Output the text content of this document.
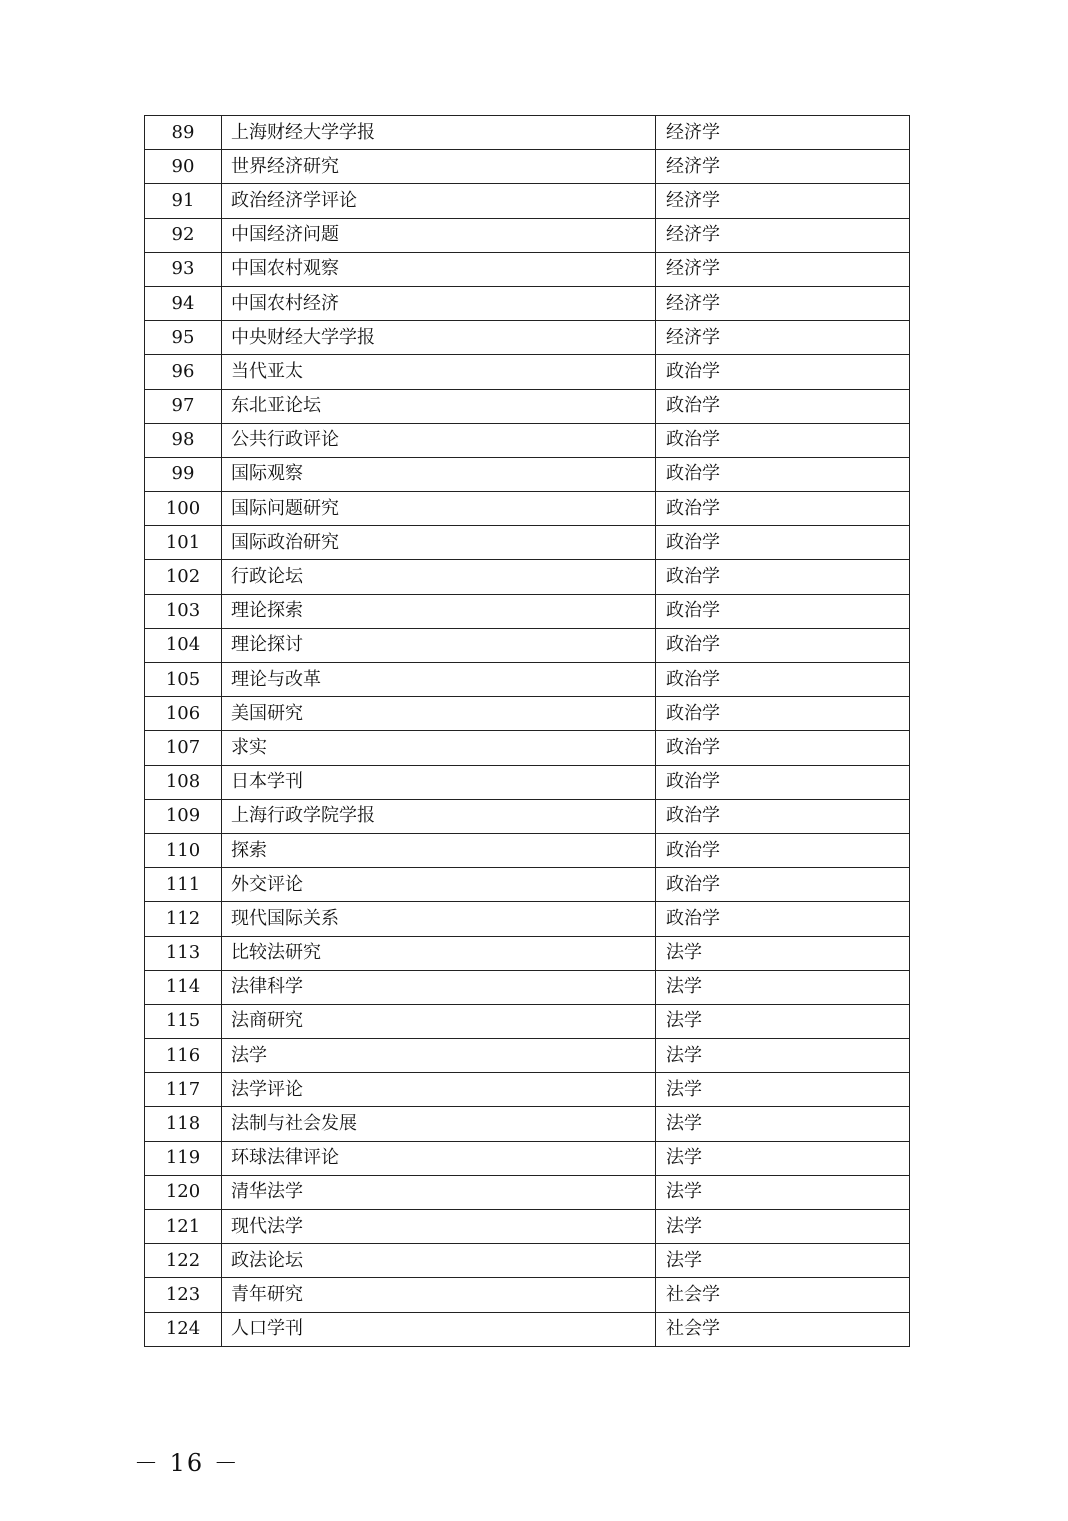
89	上海财经大学学报	经济学
90	世界经济研究	经济学
91	政治经济学评论	经济学
92	中国经济问题	经济学
93	中国农村观察	经济学
94	中国农村经济	经济学
95	中央财经大学学报	经济学
96	当代亚太	政治学
97	东北亚论坛	政治学
98	公共行政评论	政治学
99	国际观察	政治学
100	国际问题研究	政治学
101	国际政治研究	政治学
102	行政论坛	政治学
103	理论探索	政治学
104	理论探讨	政治学
105	理论与改革	政治学
106	美国研究	政治学
107	求实	政治学
108	日本学刊	政治学
109	上海行政学院学报	政治学
110	探索	政治学
111	外交评论	政治学
112	现代国际关系	政治学
113	比较法研究	法学
114	法律科学	法学
115	法商研究	法学
116	法学	法学
117	法学评论	法学
118	法制与社会发展	法学
119	环球法律评论	法学
120	清华法学	法学
121	现代法学	法学
122	政法论坛	法学
123	青年研究	社会学
124	人口学刊	社会学
－ 16 －
